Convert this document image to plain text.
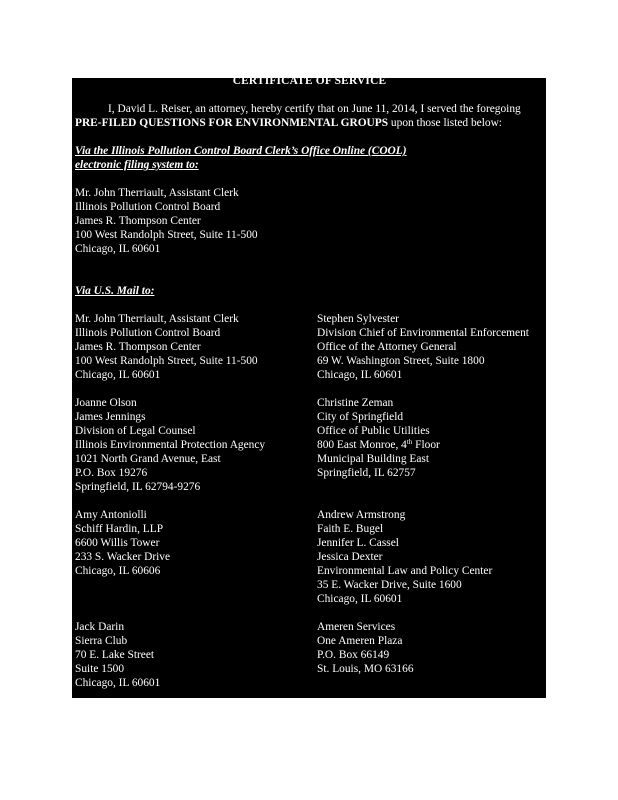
CERTIFICATE OF SERVICE
I, David L. Reiser, an attorney, hereby certify that on June 11, 2014, I served the foregoing PRE-FILED QUESTIONS FOR ENVIRONMENTAL GROUPS upon those listed below:
Via the Illinois Pollution Control Board Clerk’s Office Online (COOL)
electronic filing system to:
Mr. John Therriault, Assistant Clerk
Illinois Pollution Control Board
James R. Thompson Center
100 West Randolph Street, Suite 11-500
Chicago, IL 60601
Via U.S. Mail to:
Mr. John Therriault, Assistant Clerk
Illinois Pollution Control Board
James R. Thompson Center
100 West Randolph Street, Suite 11-500
Chicago, IL 60601
Stephen Sylvester
Division Chief of Environmental Enforcement
Office of the Attorney General
69 W. Washington Street, Suite 1800
Chicago, IL 60601
Joanne Olson
James Jennings
Division of Legal Counsel
Illinois Environmental Protection Agency
1021 North Grand Avenue, East
P.O. Box 19276
Springfield, IL 62794-9276
Christine Zeman
City of Springfield
Office of Public Utilities
800 East Monroe, 4th Floor
Municipal Building East
Springfield, IL 62757
Amy Antoniolli
Schiff Hardin, LLP
6600 Willis Tower
233 S. Wacker Drive
Chicago, IL 60606
Andrew Armstrong
Faith E. Bugel
Jennifer L. Cassel
Jessica Dexter
Environmental Law and Policy Center
35 E. Wacker Drive, Suite 1600
Chicago, IL 60601
Jack Darin
Sierra Club
70 E. Lake Street
Suite 1500
Chicago, IL 60601
Ameren Services
One Ameren Plaza
P.O. Box 66149
St. Louis, MO 63166
